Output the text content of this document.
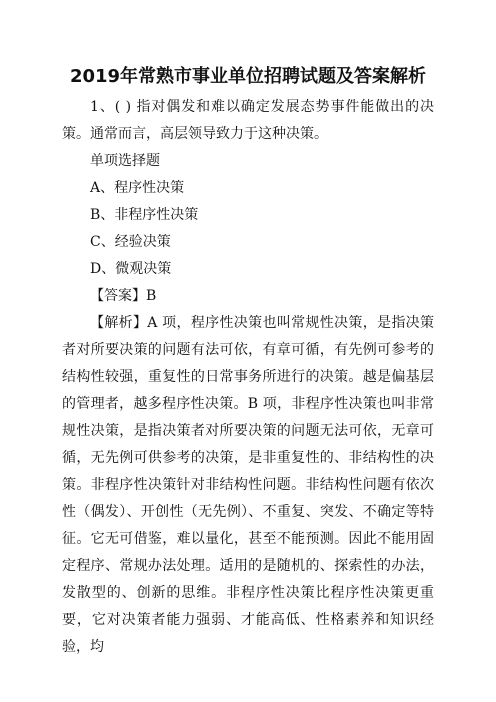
2019年常熟市事业单位招聘试题及答案解析

1、( ) 指对偶发和难以确定发展态势事件能做出的决策。通常而言，高层领导致力于这种决策。

单项选择题

A、程序性决策

B、非程序性决策

C、经验决策

D、微观决策

【答案】B

【解析】A 项，程序性决策也叫常规性决策，是指决策者对所要决策的问题有法可依，有章可循，有先例可参考的结构性较强，重复性的日常事务所进行的决策。越是偏基层的管理者，越多程序性决策。B 项，非程序性决策也叫非常规性决策，是指决策者对所要决策的问题无法可依，无章可循，无先例可供参考的决策，是非重复性的、非结构性的决策。非程序性决策针对非结构性问题。非结构性问题有依次性（偶发）、开创性（无先例）、不重复、突发、不确定等特征。它无可借鉴，难以量化，甚至不能预测。因此不能用固定程序、常规办法处理。适用的是随机的、探索性的办法，发散型的、创新的思维。非程序性决策比程序性决策更重要，它对决策者能力强弱、才能高低、性格素养和知识经验，均
